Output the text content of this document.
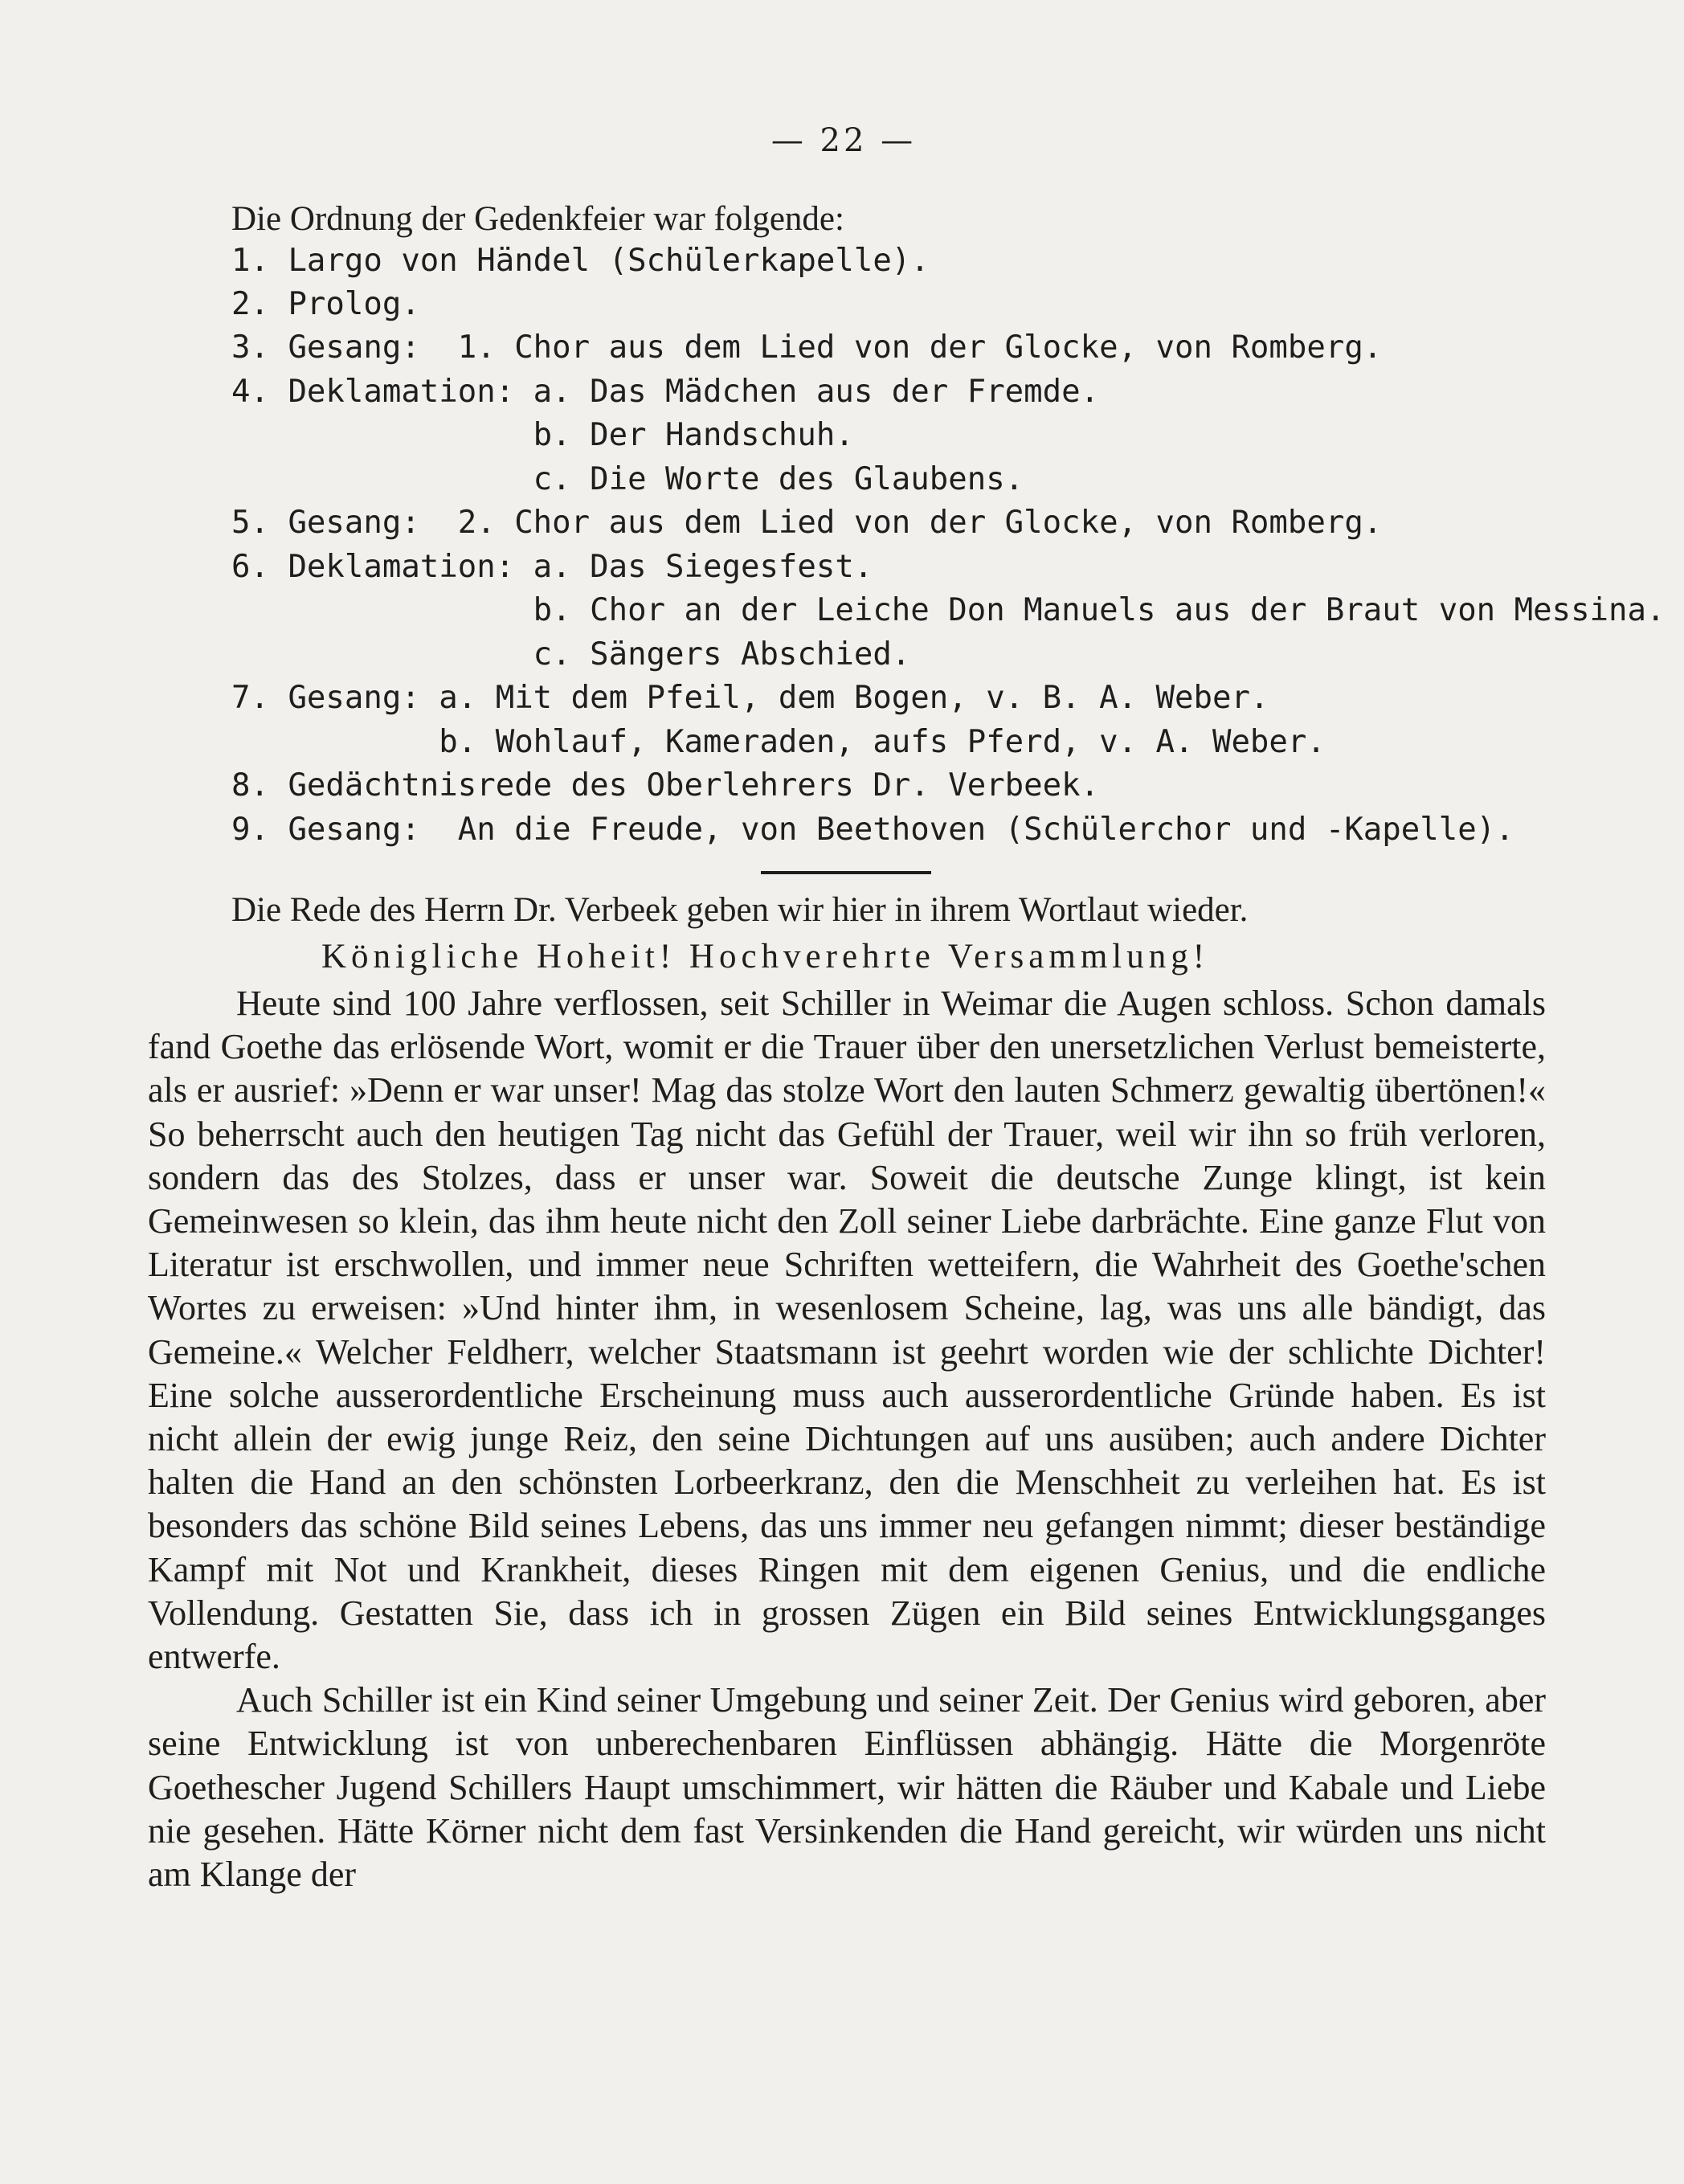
— 22 —

Die Ordnung der Gedenkfeier war folgende:

1. Largo von Händel (Schülerkapelle).

2. Prolog.

3. Gesang:  1. Chor aus dem Lied von der Glocke, von Romberg.

4. Deklamation: a. Das Mädchen aus der Fremde.

b. Der Handschuh.

c. Die Worte des Glaubens.

5. Gesang:  2. Chor aus dem Lied von der Glocke, von Romberg.

6. Deklamation: a. Das Siegesfest.

b. Chor an der Leiche Don Manuels aus der Braut von Messina.

c. Sängers Abschied.

7. Gesang: a. Mit dem Pfeil, dem Bogen, v. B. A. Weber.

b. Wohlauf, Kameraden, aufs Pferd, v. A. Weber.

8. Gedächtnisrede des Oberlehrers Dr. Verbeek.

9. Gesang:  An die Freude, von Beethoven (Schülerchor und -Kapelle).

Die Rede des Herrn Dr. Verbeek geben wir hier in ihrem Wortlaut wieder.

Königliche Hoheit! Hochverehrte Versammlung!

Heute sind 100 Jahre verflossen, seit Schiller in Weimar die Augen schloss. Schon damals fand Goethe das erlösende Wort, womit er die Trauer über den unersetzlichen Verlust bemeisterte, als er ausrief: »Denn er war unser! Mag das stolze Wort den lauten Schmerz gewaltig übertönen!« So beherrscht auch den heutigen Tag nicht das Gefühl der Trauer, weil wir ihn so früh verloren, sondern das des Stolzes, dass er unser war. Soweit die deutsche Zunge klingt, ist kein Gemeinwesen so klein, das ihm heute nicht den Zoll seiner Liebe darbrächte. Eine ganze Flut von Literatur ist erschwollen, und immer neue Schriften wetteifern, die Wahrheit des Goethe'schen Wortes zu erweisen: »Und hinter ihm, in wesenlosem Scheine, lag, was uns alle bändigt, das Gemeine.« Welcher Feldherr, welcher Staatsmann ist geehrt worden wie der schlichte Dichter! Eine solche ausserordentliche Erscheinung muss auch ausserordentliche Gründe haben. Es ist nicht allein der ewig junge Reiz, den seine Dichtungen auf uns ausüben; auch andere Dichter halten die Hand an den schönsten Lorbeerkranz, den die Menschheit zu verleihen hat. Es ist besonders das schöne Bild seines Lebens, das uns immer neu gefangen nimmt; dieser beständige Kampf mit Not und Krankheit, dieses Ringen mit dem eigenen Genius, und die endliche Vollendung. Gestatten Sie, dass ich in grossen Zügen ein Bild seines Entwicklungsganges entwerfe.

Auch Schiller ist ein Kind seiner Umgebung und seiner Zeit. Der Genius wird geboren, aber seine Entwicklung ist von unberechenbaren Einflüssen abhängig. Hätte die Morgenröte Goethescher Jugend Schillers Haupt umschimmert, wir hätten die Räuber und Kabale und Liebe nie gesehen. Hätte Körner nicht dem fast Versinkenden die Hand gereicht, wir würden uns nicht am Klange der
